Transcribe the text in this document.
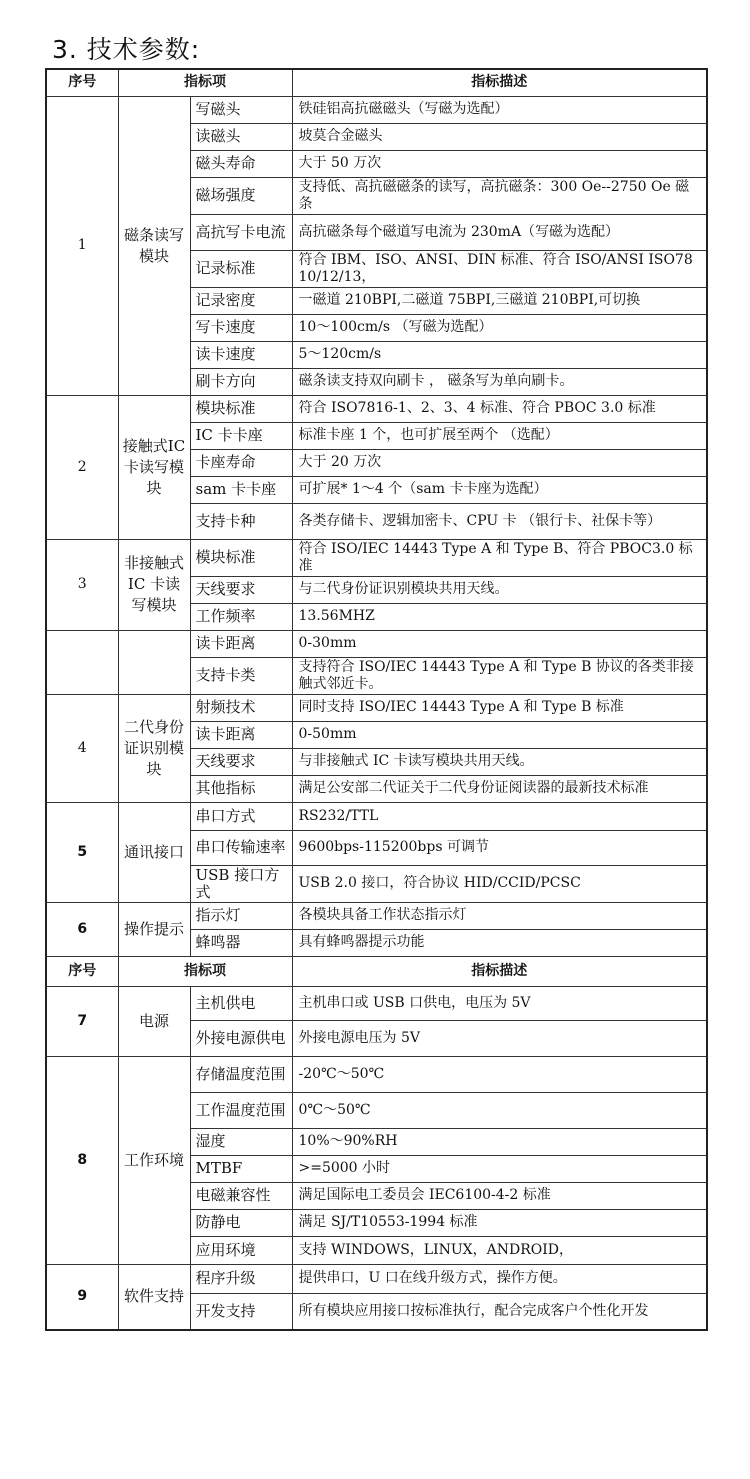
3. 技术参数:
序号	指标项		指标描述
1	磁条读写模块	写磁头	铁硅铝高抗磁磁头（写磁为选配）
		读磁头	坡莫合金磁头
		磁头寿命	大于 50 万次
		磁场强度	支持低、高抗磁磁条的读写，高抗磁条：300 Oe--2750 Oe 磁条
		高抗写卡电流	高抗磁条每个磁道写电流为 230mA（写磁为选配）
		记录标准	符合 IBM、ISO、ANSI、DIN 标准、符合 ISO/ANSI ISO7810/12/13，
		记录密度	一磁道 210BPI,二磁道 75BPI,三磁道 210BPI,可切换
		写卡速度	10～100cm/s （写磁为选配）
		读卡速度	5～120cm/s
		刷卡方向	磁条读支持双向刷卡 ， 磁条写为单向刷卡。
2	接触式IC 卡读写模块	模块标准	符合 ISO7816-1、2、3、4 标准、符合 PBOC 3.0 标准
		IC 卡卡座	标准卡座 1 个，也可扩展至两个 （选配）
		卡座寿命	大于 20 万次
		sam 卡卡座	可扩展* 1～4 个（sam 卡卡座为选配）
		支持卡种	各类存储卡、逻辑加密卡、CPU 卡 （银行卡、社保卡等）
3	非接触式 IC 卡读写模块	模块标准	符合 ISO/IEC 14443 Type A 和 Type B、符合 PBOC3.0 标准
		天线要求	与二代身份证识别模块共用天线。
		工作频率	13.56MHZ
		读卡距离	0-30mm
		支持卡类	支持符合 ISO/IEC 14443 Type A 和 Type B 协议的各类非接触式邻近卡。
4	二代身份证识别模块	射频技术	同时支持 ISO/IEC 14443 Type A 和 Type B 标准
		读卡距离	0-50mm
		天线要求	与非接触式 IC 卡读写模块共用天线。
		其他指标	满足公安部二代证关于二代身份证阅读器的最新技术标准
5	通讯接口	串口方式	RS232/TTL
		串口传输速率	9600bps-115200bps 可调节
		USB 接口方式	USB 2.0 接口，符合协议 HID/CCID/PCSC
6	操作提示	指示灯	各模块具备工作状态指示灯
		蜂鸣器	具有蜂鸣器提示功能
序号	指标项		指标描述
7	电源	主机供电	主机串口或 USB 口供电，电压为 5V
		外接电源供电	外接电源电压为 5V
8	工作环境	存储温度范围	-20℃～50℃
		工作温度范围	0℃～50℃
		湿度	10%～90%RH
		MTBF	>=5000 小时
		电磁兼容性	满足国际电工委员会 IEC6100-4-2 标准
		防静电	满足 SJ/T10553-1994 标准
		应用环境	支持 WINDOWS，LINUX，ANDROID，
9	软件支持	程序升级	提供串口，U 口在线升级方式，操作方便。
		开发支持	所有模块应用接口按标准执行，配合完成客户个性化开发
